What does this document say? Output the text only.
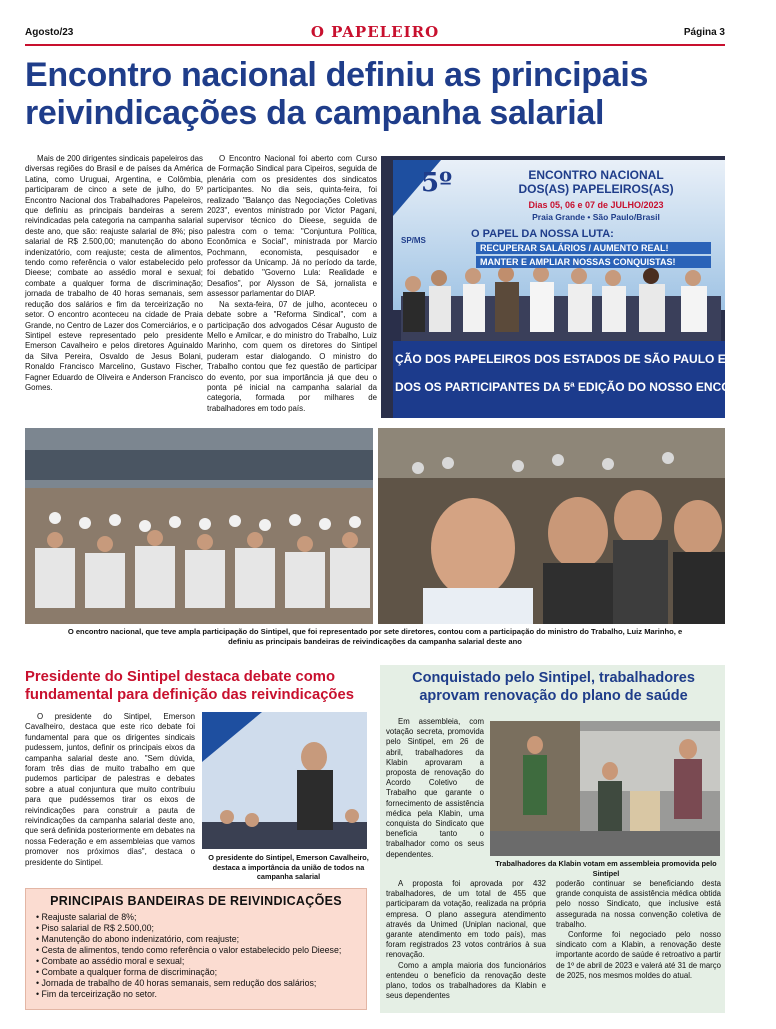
Agosto/23	O PAPELEIRO	Página 3
Encontro nacional definiu as principais reivindicações da campanha salarial

Mais de 200 dirigentes sindicais papeleiros das diversas regiões do Brasil e de países da América Latina, como Uruguai, Argentina, e Colômbia, participaram de cinco a sete de julho, do 5º Encontro Nacional dos Trabalhadores Papeleiros, que definiu as principais bandeiras a serem reivindicadas pela categoria na campanha salarial deste ano, que são: reajuste salarial de 8%; piso salarial de R$ 2.500,00; manutenção do abono indenizatório, com reajuste; cesta de alimentos, tendo como referência o valor estabelecido pelo Dieese; combate ao assédio moral e sexual; combate a qualquer forma de discriminação; jornada de trabalho de 40 horas semanais, sem redução dos salários e fim da terceirização no setor. O encontro aconteceu na cidade de Praia Grande, no Centro de Lazer dos Comerciários, e o Sintipel esteve representado pelo presidente Emerson Cavalheiro e pelos diretores Aguinaldo da Silva Pereira, Osvaldo de Jesus Bolani, Ronaldo Francisco Marcelino, Gustavo Fischer, Fagner Eduardo de Oliveira e Anderson Francisco Gomes.

O Encontro Nacional foi aberto com Curso de Formação Sindical para Cipeiros, seguida de plenária com os presidentes dos sindicatos participantes. No dia seis, quinta-feira, foi realizado "Balanço das Negociações Coletivas 2023", eventos ministrado por Victor Pagani, supervisor técnico do Dieese, seguida de palestra com o tema: "Conjuntura Política, Econômica e Social", ministrada por Marcio Pochmann, economista, pesquisador e professor da Unicamp. Já no período da tarde, foi debatido "Governo Lula: Realidade e Desafios", por Alysson de Sá, jornalista e assessor parlamentar do DIAP.

Na sexta-feira, 07 de julho, aconteceu o debate sobre a "Reforma Sindical", com a participação dos advogados César Augusto de Mello e Amilcar, e do ministro do Trabalho, Luiz Marinho, com quem os diretores do Sintipel puderam estar dialogando. O ministro do Trabalho contou que fez questão de participar do evento, por sua importância já que deu o ponta pé inicial na campanha salarial da categoria, formada por milhares de trabalhadores em todo país.

5º	ENCONTRO NACIONAL
DOS(AS) PAPELEIROS(AS)
Dias 05, 06 e 07 de JULHO/2023
Praia Grande • São Paulo/Brasil
SP/MS
O PAPEL DA NOSSA LUTA:
RECUPERAR SALÁRIOS / AUMENTO REAL!
MANTER E AMPLIAR NOSSAS CONQUISTAS!
ÇÃO DOS PAPELEIROS DOS ESTADOS DE SÃO PAULO E MATO G
DOS OS PARTICIPANTES DA 5ª EDIÇÃO DO NOSSO ENCONT
O encontro nacional, que teve ampla participação do Sintipel, que foi representado por sete diretores, contou com a participação do ministro do Trabalho, Luiz Marinho, e definiu as principais bandeiras de reivindicações da campanha salarial deste ano
Presidente do Sintipel destaca debate como fundamental para definição das reivindicações

O presidente do Sintipel, Emerson Cavalheiro, destaca que este rico debate foi fundamental para que os dirigentes sindicais pudessem, juntos, definir os principais eixos da campanha salarial deste ano. "Sem dúvida, foram três dias de muito trabalho em que pudemos participar de palestras e debates sobre a atual conjuntura que muito contribuiu para que pudéssemos tirar os eixos de reivindicações para construir a pauta de reivindicações da campanha salarial deste ano, que será definida posteriormente em debates na nossa Federação e em assembleias que vamos promover nos próximos dias", destaca o presidente do Sintipel.

O presidente do Sintipel, Emerson Cavalheiro, destaca a importância da união de todos na campanha salarial
PRINCIPAIS BANDEIRAS DE REIVINDICAÇÕES
• Reajuste salarial de 8%;
• Piso salarial de R$ 2.500,00;
• Manutenção do abono indenizatório, com reajuste;
• Cesta de alimentos, tendo como referência o valor estabelecido pelo Dieese;
• Combate ao assédio moral e sexual;
• Combate a qualquer forma de discriminação;
• Jornada de trabalho de 40 horas semanais, sem redução dos salários;
• Fim da terceirização no setor.
Conquistado pelo Sintipel, trabalhadores aprovam renovação do plano de saúde

Em assembleia, com votação secreta, promovida pelo Sintipel, em 26 de abril, trabalhadores da Klabin aprovaram a proposta de renovação do Acordo Coletivo de Trabalho que garante o fornecimento de assistência médica pela Klabin, uma conquista do Sindicato que beneficia tanto o trabalhador como os seus dependentes.

Trabalhadores da Klabin votam em assembleia promovida pelo Sintipel

A proposta foi aprovada por 432 trabalhadores, de um total de 455 que participaram da votação, realizada na própria empresa. O plano assegura atendimento através da Unimed (Uniplan nacional, que garante atendimento em todo país), mas foram registrados 23 votos contrários à sua renovação.

Como a ampla maioria dos funcionários entendeu o benefício da renovação deste plano, todos os trabalhadores da Klabin e seus dependentes

poderão continuar se beneficiando desta grande conquista de assistência médica obtida pelo nosso Sindicato, que inclusive está assegurada na nossa convenção coletiva de trabalho.

Conforme foi negociado pelo nosso sindicato com a Klabin, a renovação deste importante acordo de saúde é retroativo a partir de 1º de abril de 2023 e valerá até 31 de março de 2025, nos mesmos moldes do atual.
